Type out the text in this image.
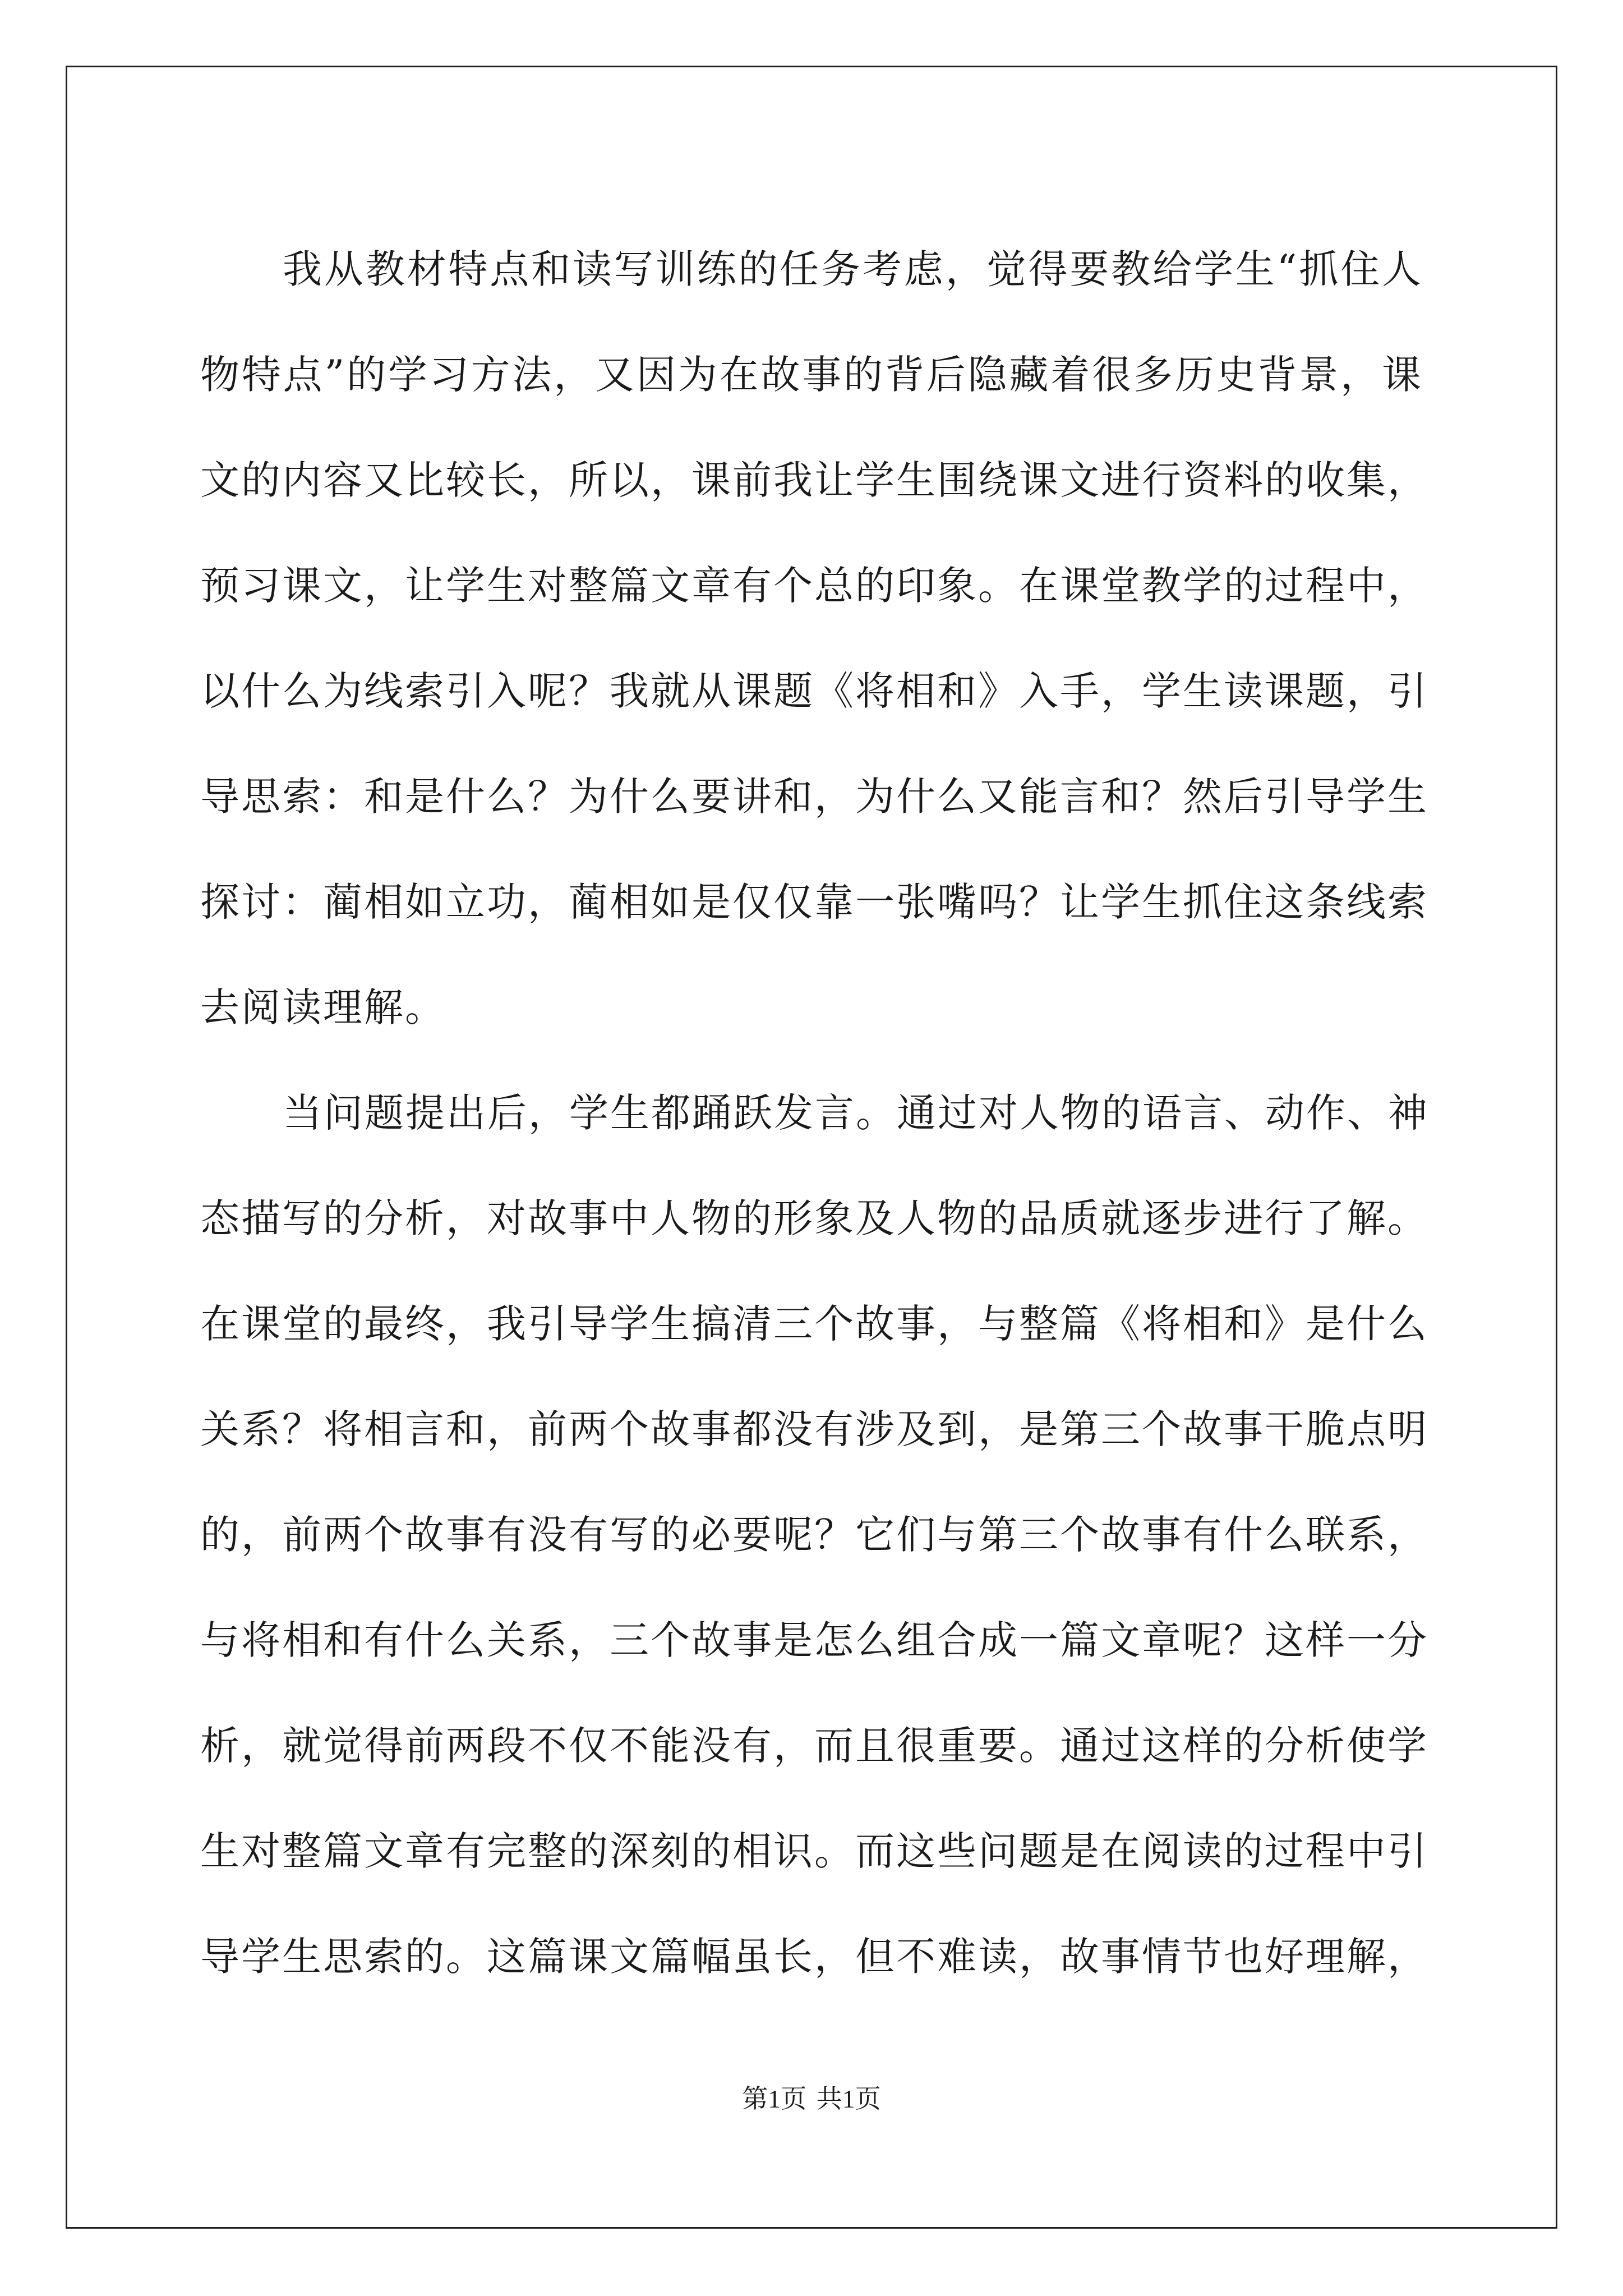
我从教材特点和读写训练的任务考虑，觉得要教给学生“抓住人
物特点”的学习方法，又因为在故事的背后隐藏着很多历史背景，课
文的内容又比较长，所以，课前我让学生围绕课文进行资料的收集，
预习课文，让学生对整篇文章有个总的印象。在课堂教学的过程中，
以什么为线索引入呢？我就从课题《将相和》入手，学生读课题，引
导思索：和是什么？为什么要讲和，为什么又能言和？然后引导学生
探讨：蔺相如立功，蔺相如是仅仅靠一张嘴吗？让学生抓住这条线索
去阅读理解。
当问题提出后，学生都踊跃发言。通过对人物的语言、动作、神
态描写的分析，对故事中人物的形象及人物的品质就逐步进行了解。
在课堂的最终，我引导学生搞清三个故事，与整篇《将相和》是什么
关系？将相言和，前两个故事都没有涉及到，是第三个故事干脆点明
的，前两个故事有没有写的必要呢？它们与第三个故事有什么联系，
与将相和有什么关系，三个故事是怎么组合成一篇文章呢？这样一分
析，就觉得前两段不仅不能没有，而且很重要。通过这样的分析使学
生对整篇文章有完整的深刻的相识。而这些问题是在阅读的过程中引
导学生思索的。这篇课文篇幅虽长，但不难读，故事情节也好理解，
第1页 共1页
